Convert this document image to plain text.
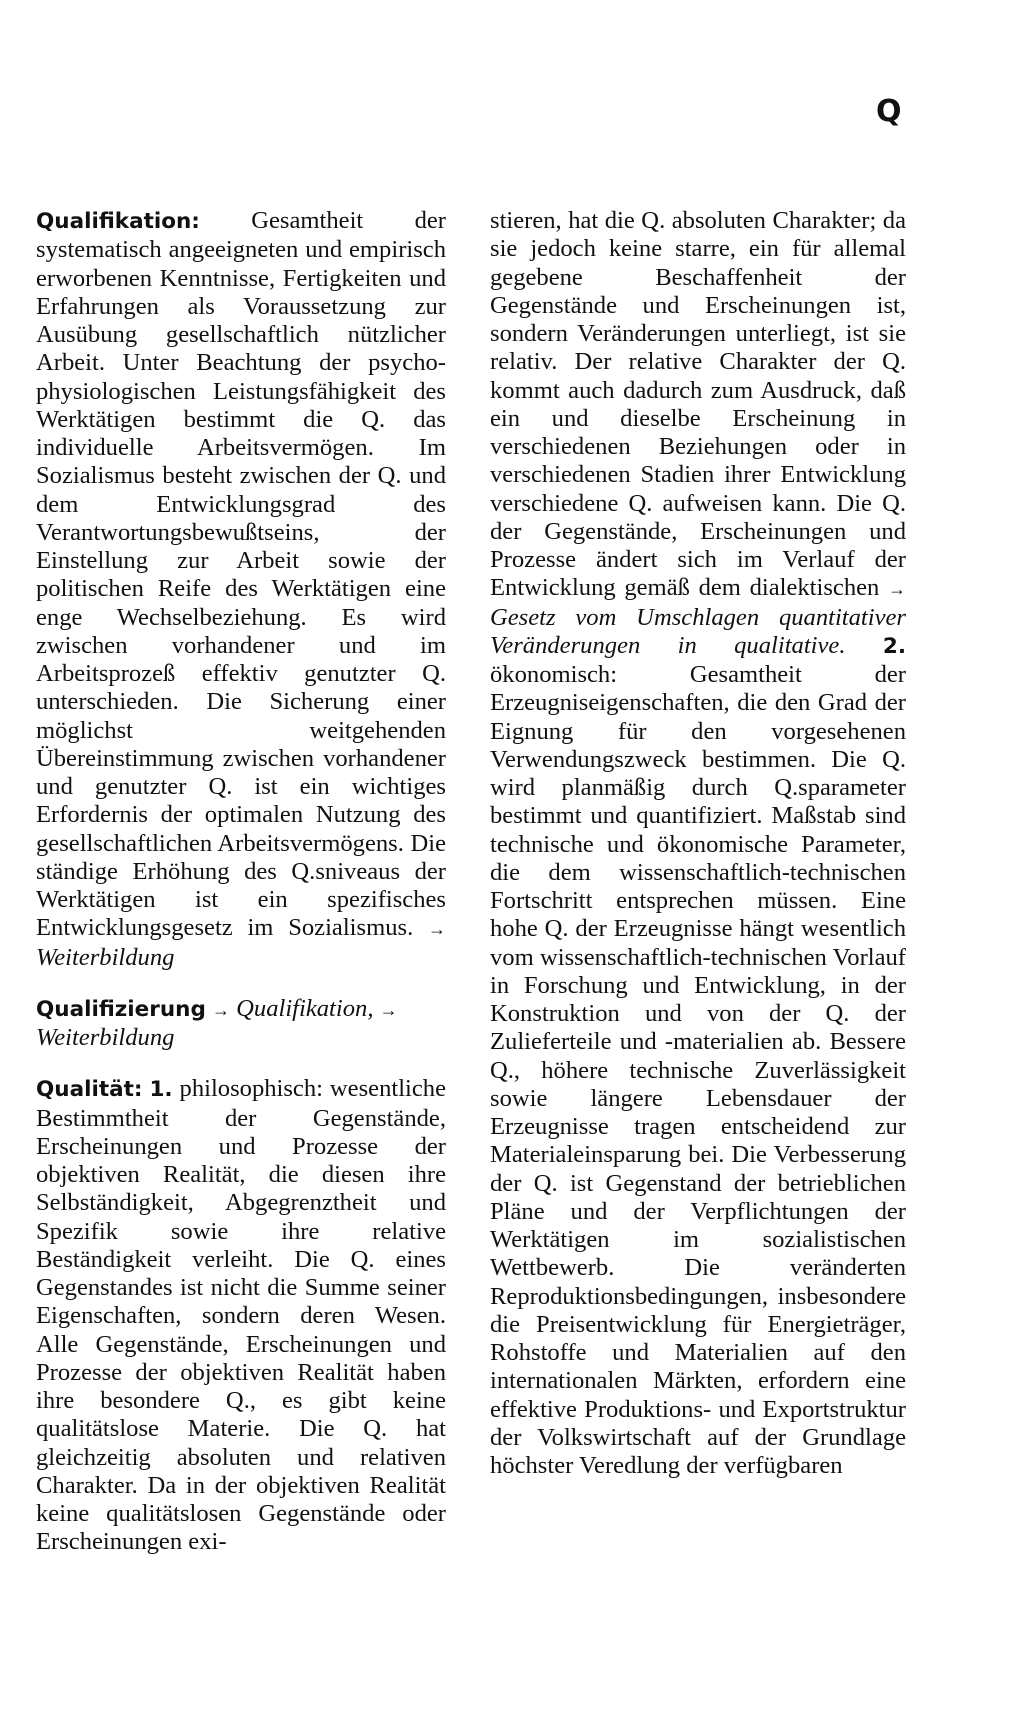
Q

Qualifikation: Gesamtheit der systematisch angeeigneten und empirisch erworbenen Kenntnisse, Fertigkeiten und Erfahrungen als Voraussetzung zur Ausübung gesellschaftlich nützlicher Arbeit. Unter Beachtung der psycho-physiologischen Leistungsfähigkeit des Werktätigen bestimmt die Q. das individuelle Arbeitsvermögen. Im Sozialismus besteht zwischen der Q. und dem Entwicklungsgrad des Verantwortungsbewußtseins, der Einstellung zur Arbeit sowie der politischen Reife des Werktätigen eine enge Wechselbeziehung. Es wird zwischen vorhandener und im Arbeitsprozeß effektiv genutzter Q. unterschieden. Die Sicherung einer möglichst weitgehenden Übereinstimmung zwischen vorhandener und genutzter Q. ist ein wichtiges Erfordernis der optimalen Nutzung des gesellschaftlichen Arbeitsvermögens. Die ständige Erhöhung des Q.sniveaus der Werktätigen ist ein spezifisches Entwicklungsgesetz im Sozialismus. → Weiterbildung

Qualifizierung → Qualifikation, → Weiterbildung

Qualität: 1. philosophisch: wesentliche Bestimmtheit der Gegenstände, Erscheinungen und Prozesse der objektiven Realität, die diesen ihre Selbständigkeit, Abgegrenztheit und Spezifik sowie ihre relative Beständigkeit verleiht. Die Q. eines Gegenstandes ist nicht die Summe seiner Eigenschaften, sondern deren Wesen. Alle Gegenstände, Erscheinungen und Prozesse der objektiven Realität haben ihre besondere Q., es gibt keine qualitätslose Materie. Die Q. hat gleichzeitig absoluten und relativen Charakter. Da in der objektiven Realität keine qualitätslosen Gegenstände oder Erscheinungen exi-

stieren, hat die Q. absoluten Charakter; da sie jedoch keine starre, ein für allemal gegebene Beschaffenheit der Gegenstände und Erscheinungen ist, sondern Veränderungen unterliegt, ist sie relativ. Der relative Charakter der Q. kommt auch dadurch zum Ausdruck, daß ein und dieselbe Erscheinung in verschiedenen Beziehungen oder in verschiedenen Stadien ihrer Entwicklung verschiedene Q. aufweisen kann. Die Q. der Gegenstände, Erscheinungen und Prozesse ändert sich im Verlauf der Entwicklung gemäß dem dialektischen → Gesetz vom Umschlagen quantitativer Veränderungen in qualitative. 2. ökonomisch: Gesamtheit der Erzeugniseigenschaften, die den Grad der Eignung für den vorgesehenen Verwendungszweck bestimmen. Die Q. wird planmäßig durch Q.sparameter bestimmt und quantifiziert. Maßstab sind technische und ökonomische Parameter, die dem wissenschaftlich-technischen Fortschritt entsprechen müssen. Eine hohe Q. der Erzeugnisse hängt wesentlich vom wissenschaftlich-technischen Vorlauf in Forschung und Entwicklung, in der Konstruktion und von der Q. der Zulieferteile und -materialien ab. Bessere Q., höhere technische Zuverlässigkeit sowie längere Lebensdauer der Erzeugnisse tragen entscheidend zur Materialeinsparung bei. Die Verbesserung der Q. ist Gegenstand der betrieblichen Pläne und der Verpflichtungen der Werktätigen im sozialistischen Wettbewerb. Die veränderten Reproduktionsbedingungen, insbesondere die Preisentwicklung für Energieträger, Rohstoffe und Materialien auf den internationalen Märkten, erfordern eine effektive Produktions- und Exportstruktur der Volkswirtschaft auf der Grundlage höchster Veredlung der verfügbaren
